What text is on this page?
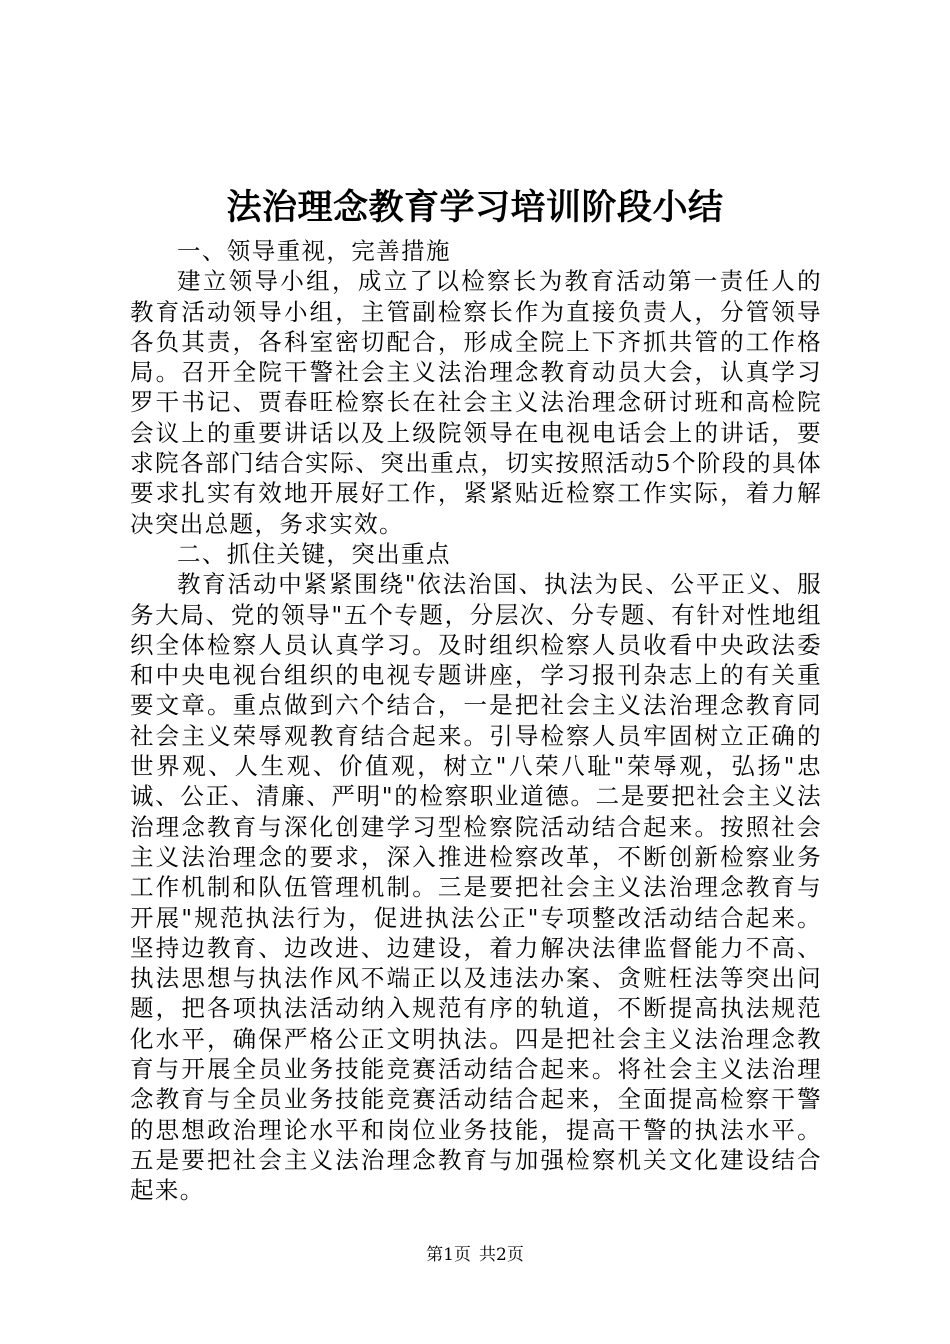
法治理念教育学习培训阶段小结

一、领导重视，完善措施

建立领导小组，成立了以检察长为教育活动第一责任人的教育活动领导小组，主管副检察长作为直接负责人，分管领导各负其责，各科室密切配合，形成全院上下齐抓共管的工作格局。召开全院干警社会主义法治理念教育动员大会，认真学习罗干书记、贾春旺检察长在社会主义法治理念研讨班和高检院会议上的重要讲话以及上级院领导在电视电话会上的讲话，要求院各部门结合实际、突出重点，切实按照活动5个阶段的具体要求扎实有效地开展好工作，紧紧贴近检察工作实际，着力解决突出总题，务求实效。

二、抓住关键，突出重点

教育活动中紧紧围绕"依法治国、执法为民、公平正义、服务大局、党的领导"五个专题，分层次、分专题、有针对性地组织全体检察人员认真学习。及时组织检察人员收看中央政法委和中央电视台组织的电视专题讲座，学习报刊杂志上的有关重要文章。重点做到六个结合，一是把社会主义法治理念教育同社会主义荣辱观教育结合起来。引导检察人员牢固树立正确的世界观、人生观、价值观，树立"八荣八耻"荣辱观，弘扬"忠诚、公正、清廉、严明"的检察职业道德。二是要把社会主义法治理念教育与深化创建学习型检察院活动结合起来。按照社会主义法治理念的要求，深入推进检察改革，不断创新检察业务工作机制和队伍管理机制。三是要把社会主义法治理念教育与开展"规范执法行为，促进执法公正"专项整改活动结合起来。坚持边教育、边改进、边建设，着力解决法律监督能力不高、执法思想与执法作风不端正以及违法办案、贪赃枉法等突出问题，把各项执法活动纳入规范有序的轨道，不断提高执法规范化水平，确保严格公正文明执法。四是把社会主义法治理念教育与开展全员业务技能竞赛活动结合起来。将社会主义法治理念教育与全员业务技能竞赛活动结合起来，全面提高检察干警的思想政治理论水平和岗位业务技能，提高干警的执法水平。五是要把社会主义法治理念教育与加强检察机关文化建设结合起来。

第1页 共2页
